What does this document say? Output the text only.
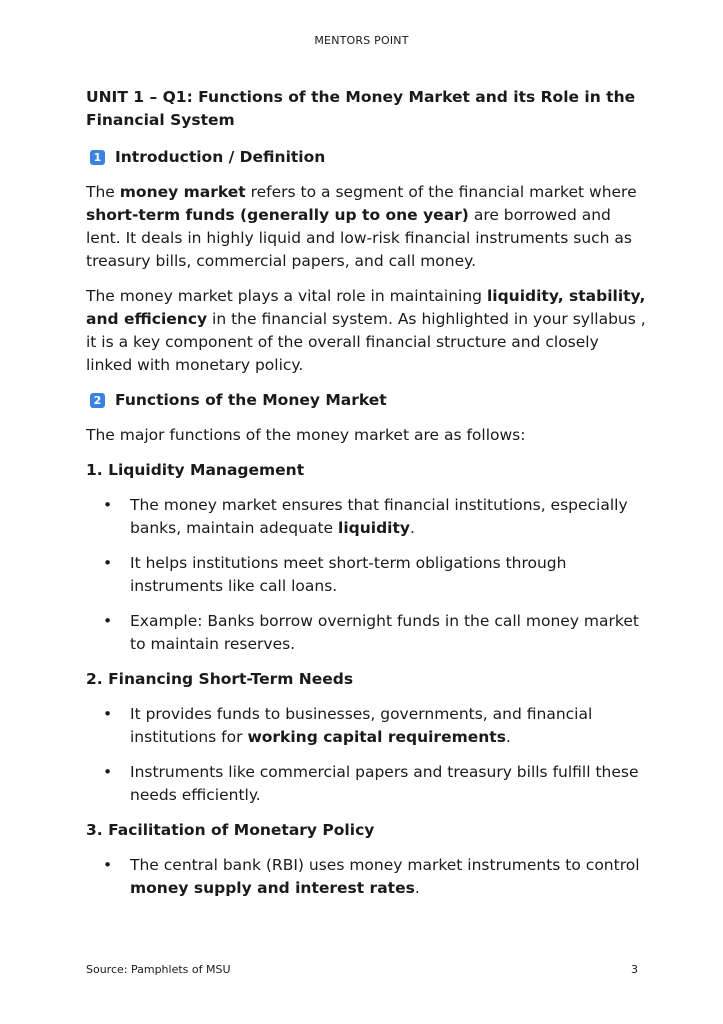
MENTORS POINT
UNIT 1 – Q1: Functions of the Money Market and its Role in the Financial System
1 Introduction / Definition

The money market refers to a segment of the financial market where short-term funds (generally up to one year) are borrowed and lent. It deals in highly liquid and low-risk financial instruments such as treasury bills, commercial papers, and call money.

The money market plays a vital role in maintaining liquidity, stability, and efficiency in the financial system. As highlighted in your syllabus , it is a key component of the overall financial structure and closely linked with monetary policy.

2 Functions of the Money Market

The major functions of the money market are as follows:

1. Liquidity Management
• The money market ensures that financial institutions, especially banks, maintain adequate liquidity.
• It helps institutions meet short-term obligations through instruments like call loans.
• Example: Banks borrow overnight funds in the call money market to maintain reserves.
2. Financing Short-Term Needs
• It provides funds to businesses, governments, and financial institutions for working capital requirements.
• Instruments like commercial papers and treasury bills fulfill these needs efficiently.
3. Facilitation of Monetary Policy
• The central bank (RBI) uses money market instruments to control money supply and interest rates.
Source: Pamphlets of MSU	3
